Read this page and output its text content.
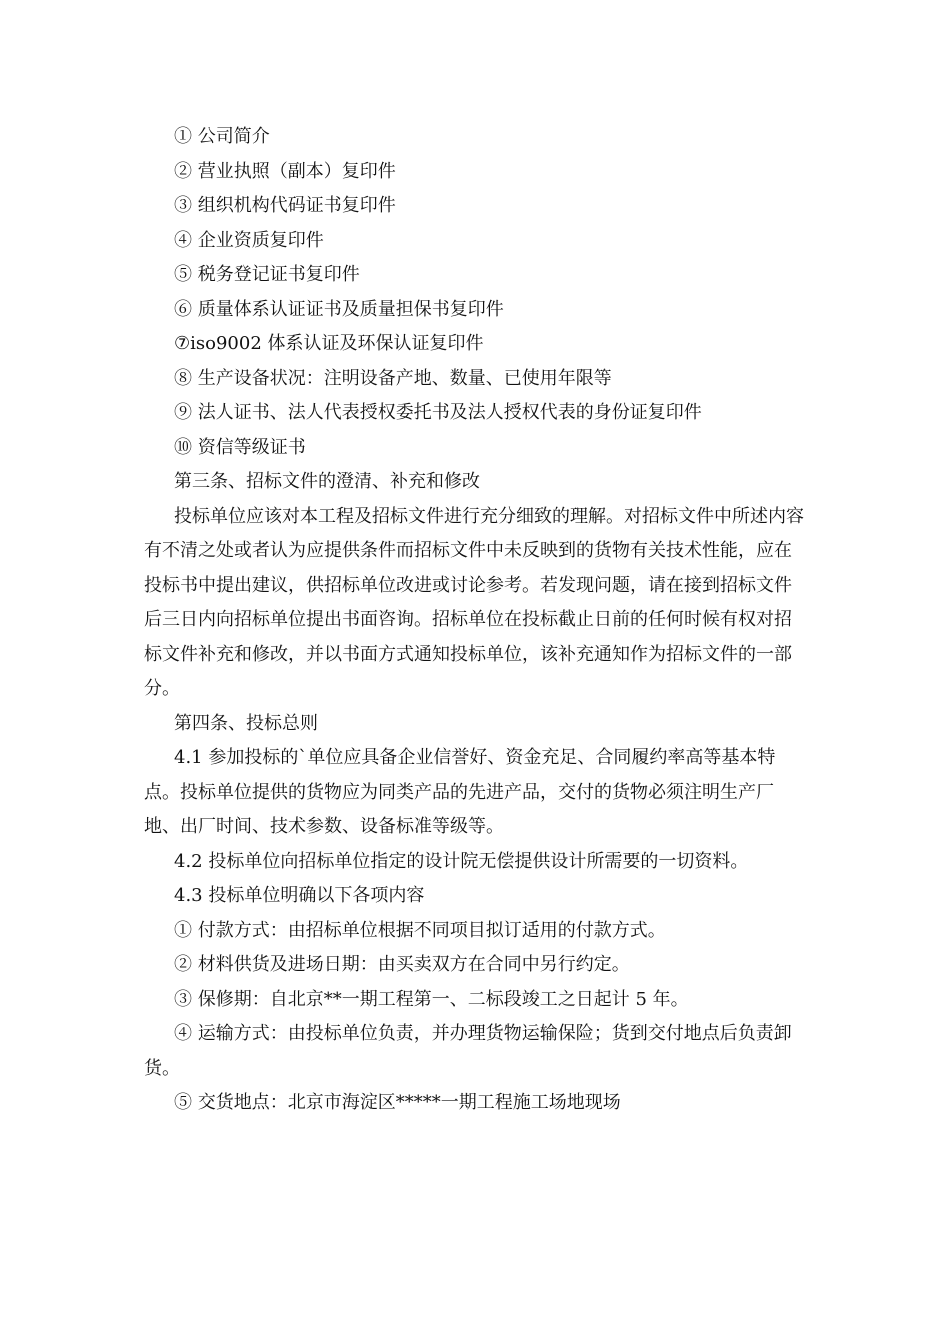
① 公司简介

② 营业执照（副本）复印件

③ 组织机构代码证书复印件

④ 企业资质复印件

⑤ 税务登记证书复印件

⑥ 质量体系认证证书及质量担保书复印件

⑦iso9002 体系认证及环保认证复印件

⑧ 生产设备状况：注明设备产地、数量、已使用年限等

⑨ 法人证书、法人代表授权委托书及法人授权代表的身份证复印件

⑩ 资信等级证书

第三条、招标文件的澄清、补充和修改

投标单位应该对本工程及招标文件进行充分细致的理解。对招标文件中所述内容有不清之处或者认为应提供条件而招标文件中未反映到的货物有关技术性能，应在投标书中提出建议，供招标单位改进或讨论参考。若发现问题，请在接到招标文件后三日内向招标单位提出书面咨询。招标单位在投标截止日前的任何时候有权对招标文件补充和修改，并以书面方式通知投标单位，该补充通知作为招标文件的一部分。

第四条、投标总则

4.1 参加投标的`单位应具备企业信誉好、资金充足、合同履约率高等基本特点。投标单位提供的货物应为同类产品的先进产品，交付的货物必须注明生产厂地、出厂时间、技术参数、设备标准等级等。

4.2 投标单位向招标单位指定的设计院无偿提供设计所需要的一切资料。

4.3 投标单位明确以下各项内容

① 付款方式：由招标单位根据不同项目拟订适用的付款方式。

② 材料供货及进场日期：由买卖双方在合同中另行约定。

③ 保修期：自北京**一期工程第一、二标段竣工之日起计 5 年。

④ 运输方式：由投标单位负责，并办理货物运输保险；货到交付地点后负责卸货。

⑤ 交货地点：北京市海淀区*****一期工程施工场地现场
